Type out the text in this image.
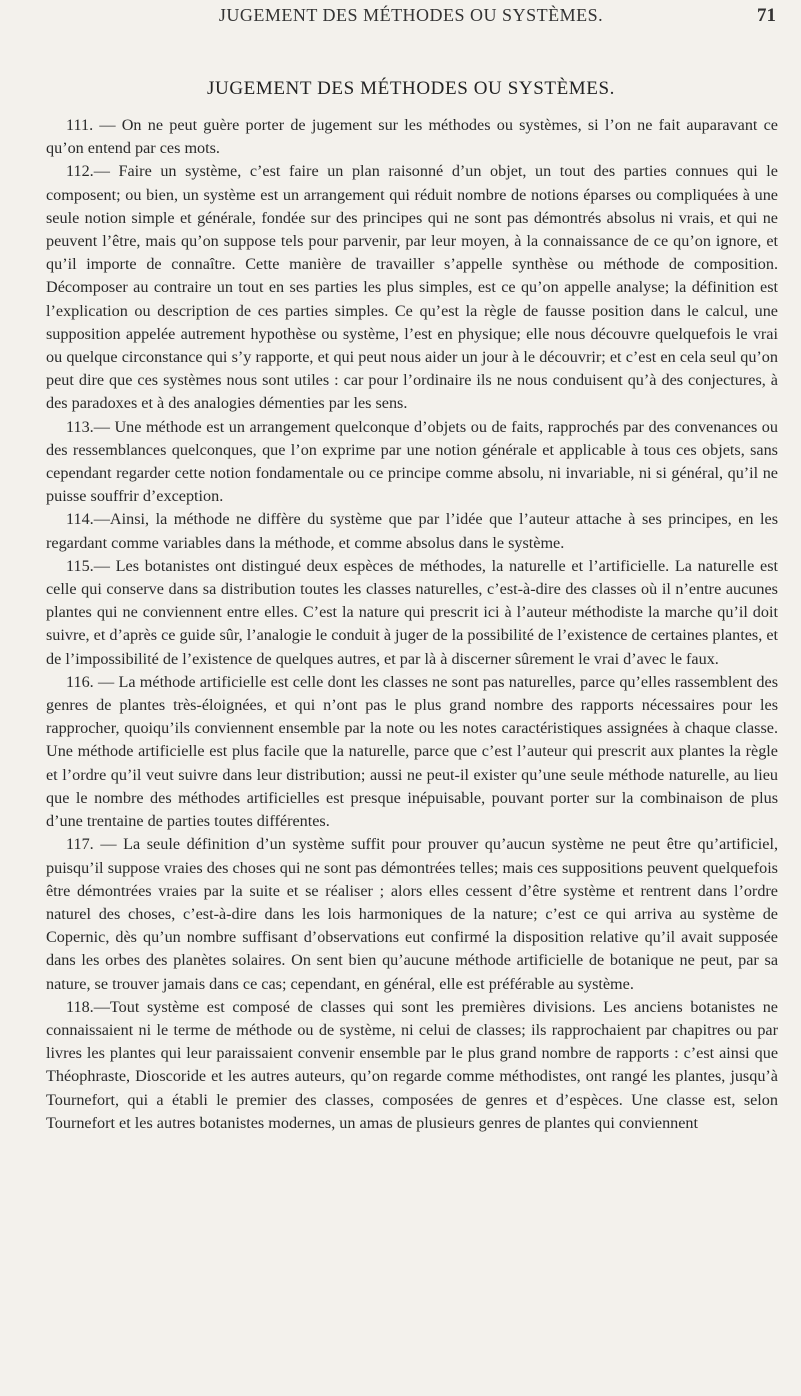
JUGEMENT DES MÉTHODES OU SYSTÈMES.	71
JUGEMENT DES MÉTHODES OU SYSTÈMES.

111. — On ne peut guère porter de jugement sur les méthodes ou systèmes, si l’on ne fait auparavant ce qu’on entend par ces mots.

112.— Faire un système, c’est faire un plan raisonné d’un objet, un tout des parties connues qui le composent; ou bien, un système est un arrangement qui réduit nombre de notions éparses ou compliquées à une seule notion simple et générale, fondée sur des principes qui ne sont pas démontrés absolus ni vrais, et qui ne peuvent l’être, mais qu’on suppose tels pour parvenir, par leur moyen, à la connaissance de ce qu’on ignore, et qu’il importe de connaître. Cette manière de travailler s’appelle synthèse ou méthode de composition. Décomposer au contraire un tout en ses parties les plus simples, est ce qu’on appelle analyse; la définition est l’explication ou description de ces parties simples. Ce qu’est la règle de fausse position dans le calcul, une supposition appelée autrement hypothèse ou système, l’est en physique; elle nous découvre quelquefois le vrai ou quelque circonstance qui s’y rapporte, et qui peut nous aider un jour à le découvrir; et c’est en cela seul qu’on peut dire que ces systèmes nous sont utiles : car pour l’ordinaire ils ne nous conduisent qu’à des conjectures, à des paradoxes et à des analogies démenties par les sens.

113.— Une méthode est un arrangement quelconque d’objets ou de faits, rapprochés par des convenances ou des ressemblances quelconques, que l’on exprime par une notion générale et applicable à tous ces objets, sans cependant regarder cette notion fondamentale ou ce principe comme absolu, ni invariable, ni si général, qu’il ne puisse souffrir d’exception.

114.—Ainsi, la méthode ne diffère du système que par l’idée que l’auteur attache à ses principes, en les regardant comme variables dans la méthode, et comme absolus dans le système.

115.— Les botanistes ont distingué deux espèces de méthodes, la naturelle et l’artificielle. La naturelle est celle qui conserve dans sa distribution toutes les classes naturelles, c’est-à-dire des classes où il n’entre aucunes plantes qui ne conviennent entre elles. C’est la nature qui prescrit ici à l’auteur méthodiste la marche qu’il doit suivre, et d’après ce guide sûr, l’analogie le conduit à juger de la possibilité de l’existence de certaines plantes, et de l’impossibilité de l’existence de quelques autres, et par là à discerner sûrement le vrai d’avec le faux.

116. — La méthode artificielle est celle dont les classes ne sont pas naturelles, parce qu’elles rassemblent des genres de plantes très-éloignées, et qui n’ont pas le plus grand nombre des rapports nécessaires pour les rapprocher, quoiqu’ils conviennent ensemble par la note ou les notes caractéristiques assignées à chaque classe. Une méthode artificielle est plus facile que la naturelle, parce que c’est l’auteur qui prescrit aux plantes la règle et l’ordre qu’il veut suivre dans leur distribution; aussi ne peut-il exister qu’une seule méthode naturelle, au lieu que le nombre des méthodes artificielles est presque inépuisable, pouvant porter sur la combinaison de plus d’une trentaine de parties toutes différentes.

117. — La seule définition d’un système suffit pour prouver qu’aucun système ne peut être qu’artificiel, puisqu’il suppose vraies des choses qui ne sont pas démontrées telles; mais ces suppositions peuvent quelquefois être démontrées vraies par la suite et se réaliser ; alors elles cessent d’être système et rentrent dans l’ordre naturel des choses, c’est-à-dire dans les lois harmoniques de la nature; c’est ce qui arriva au système de Copernic, dès qu’un nombre suffisant d’observations eut confirmé la disposition relative qu’il avait supposée dans les orbes des planètes solaires. On sent bien qu’aucune méthode artificielle de botanique ne peut, par sa nature, se trouver jamais dans ce cas; cependant, en général, elle est préférable au système.

118.—Tout système est composé de classes qui sont les premières divisions. Les anciens botanistes ne connaissaient ni le terme de méthode ou de système, ni celui de classes; ils rapprochaient par chapitres ou par livres les plantes qui leur paraissaient convenir ensemble par le plus grand nombre de rapports : c’est ainsi que Théophraste, Dioscoride et les autres auteurs, qu’on regarde comme méthodistes, ont rangé les plantes, jusqu’à Tournefort, qui a établi le premier des classes, composées de genres et d’espèces. Une classe est, selon Tournefort et les autres botanistes modernes, un amas de plusieurs genres de plantes qui conviennent
